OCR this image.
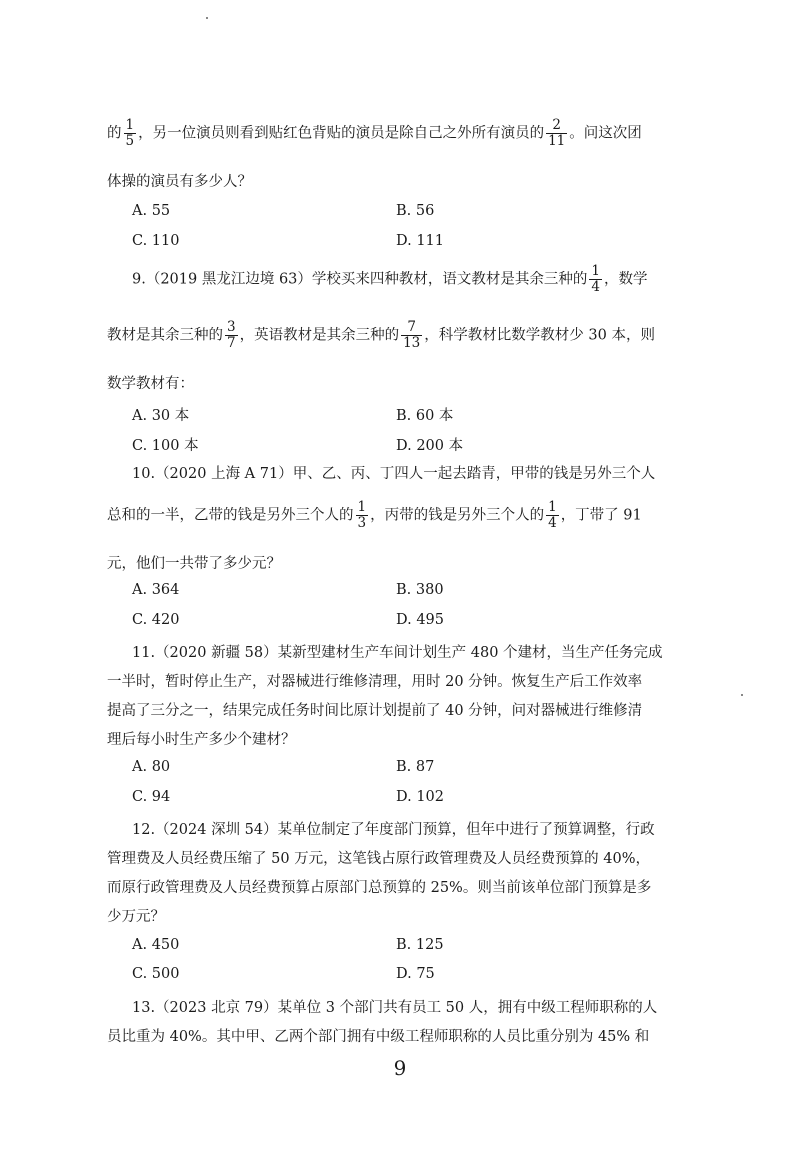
的 $\frac{1}{5}$ ，另一位演员则看到贴红色背贴的演员是除自己之外所有演员的 $\frac{2}{11}$ 。问这次团
体操的演员有多少人？
A. 55	B. 56
C. 110	D. 111
9.（2019 黑龙江边境 63）学校买来四种教材，语文教材是其余三种的 $\frac{1}{4}$ ，数学
教材是其余三种的 $\frac{3}{7}$ ，英语教材是其余三种的 $\frac{7}{13}$ ，科学教材比数学教材少 30 本，则
数学教材有：
A. 30 本	B. 60 本
C. 100 本	D. 200 本
10.（2020 上海 A 71）甲、乙、丙、丁四人一起去踏青，甲带的钱是另外三个人
总和的一半，乙带的钱是另外三个人的 $\frac{1}{3}$ ，丙带的钱是另外三个人的 $\frac{1}{4}$ ，丁带了 91
元，他们一共带了多少元？
A. 364	B. 380
C. 420	D. 495
11.（2020 新疆 58）某新型建材生产车间计划生产 480 个建材，当生产任务完成
一半时，暂时停止生产，对器械进行维修清理，用时 20 分钟。恢复生产后工作效率
提高了三分之一，结果完成任务时间比原计划提前了 40 分钟，问对器械进行维修清
理后每小时生产多少个建材？
A. 80	B. 87
C. 94	D. 102
12.（2024 深圳 54）某单位制定了年度部门预算，但年中进行了预算调整，行政
管理费及人员经费压缩了 50 万元，这笔钱占原行政管理费及人员经费预算的 40%，
而原行政管理费及人员经费预算占原部门总预算的 25%。则当前该单位部门预算是多
少万元？
A. 450	B. 125
C. 500	D. 75
13.（2023 北京 79）某单位 3 个部门共有员工 50 人，拥有中级工程师职称的人
员比重为 40%。其中甲、乙两个部门拥有中级工程师职称的人员比重分别为 45% 和
9
